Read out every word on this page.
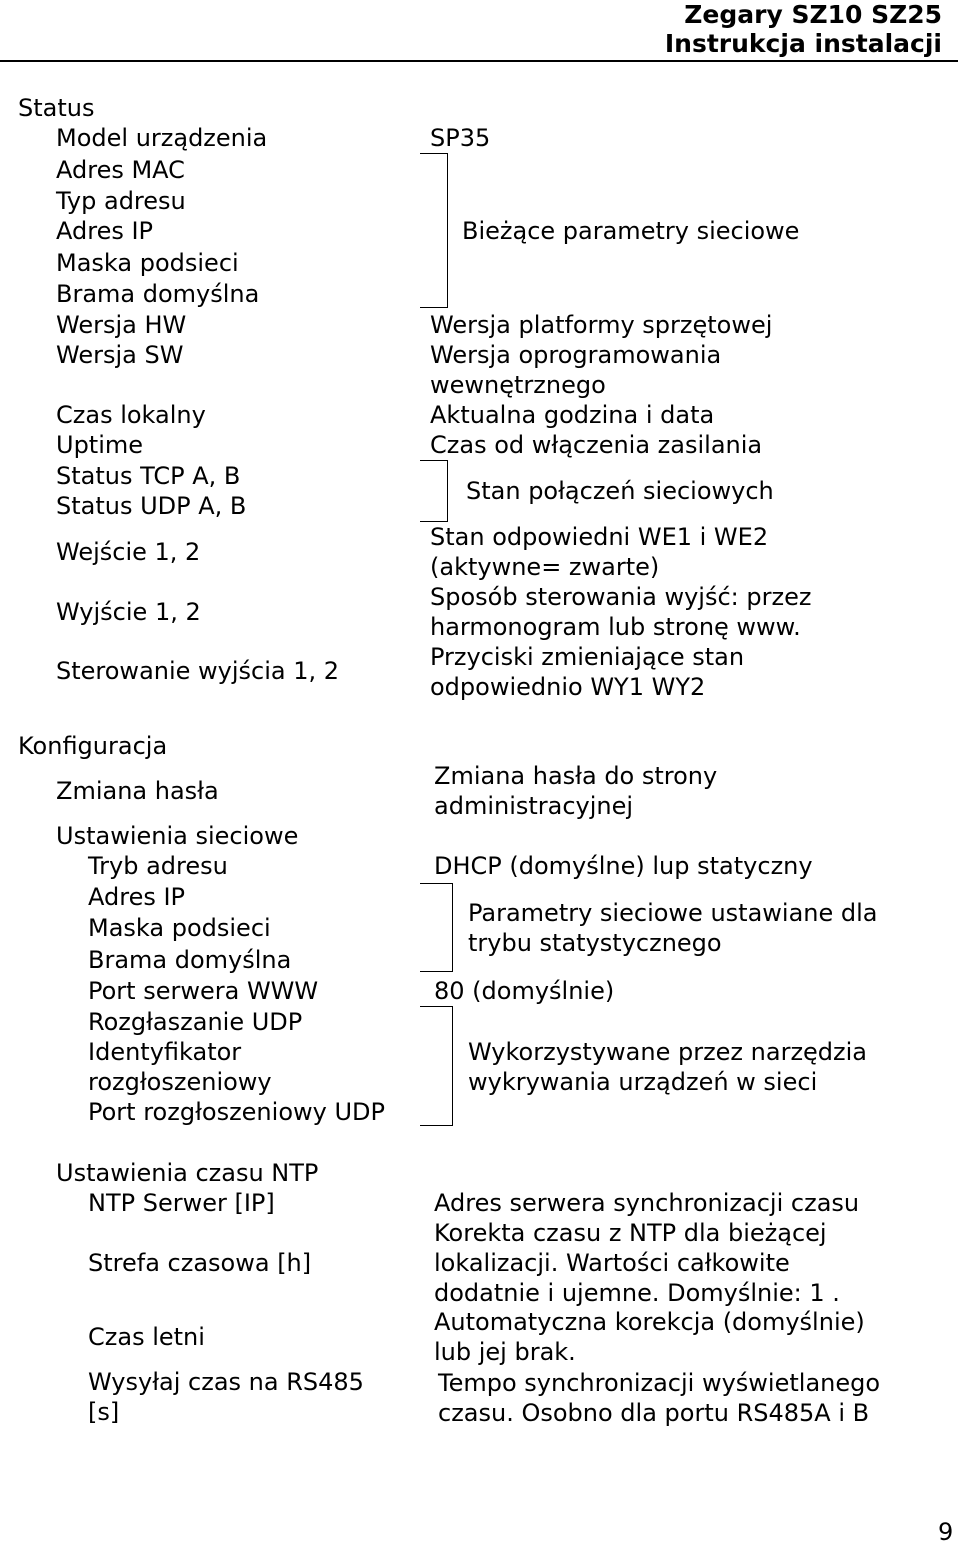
Zegary SZ10 SZ25
Instrukcja instalacji
Status
Model urządzenia
Adres MAC
Typ adresu
Adres IP
Maska podsieci
Brama domyślna
Wersja HW
Wersja SW
Czas lokalny
Uptime
Status TCP A, B
Status UDP A, B
Wejście 1, 2
Wyjście 1, 2
Sterowanie wyjścia 1, 2
SP35
Bieżące parametry sieciowe
Wersja platformy sprzętowej
Wersja oprogramowania
wewnętrznego
Aktualna godzina i data
Czas od włączenia zasilania
Stan połączeń sieciowych
Stan odpowiedni WE1 i WE2
(aktywne= zwarte)
Sposób sterowania wyjść: przez
harmonogram lub stronę www.
Przyciski zmieniające stan
odpowiednio WY1 WY2
Konfiguracja
Zmiana hasła
Ustawienia sieciowe
Tryb adresu
Adres IP
Maska podsieci
Brama domyślna
Port serwera WWW
Rozgłaszanie UDP
Identyfikator
rozgłoszeniowy
Port rozgłoszeniowy UDP
Ustawienia czasu NTP
NTP Serwer [IP]
Strefa czasowa [h]
Czas letni
Wysyłaj czas na RS485
[s]
Zmiana hasła do strony
administracyjnej
DHCP (domyślne) lup statyczny
Parametry sieciowe ustawiane dla
trybu statystycznego
80 (domyślnie)
Wykorzystywane przez narzędzia
wykrywania urządzeń w sieci
Adres serwera synchronizacji czasu
Korekta czasu z NTP dla bieżącej
lokalizacji. Wartości całkowite
dodatnie i ujemne. Domyślnie: 1 .
Automatyczna korekcja (domyślnie)
lub jej brak.
Tempo synchronizacji wyświetlanego
czasu. Osobno dla portu RS485A i B
9
